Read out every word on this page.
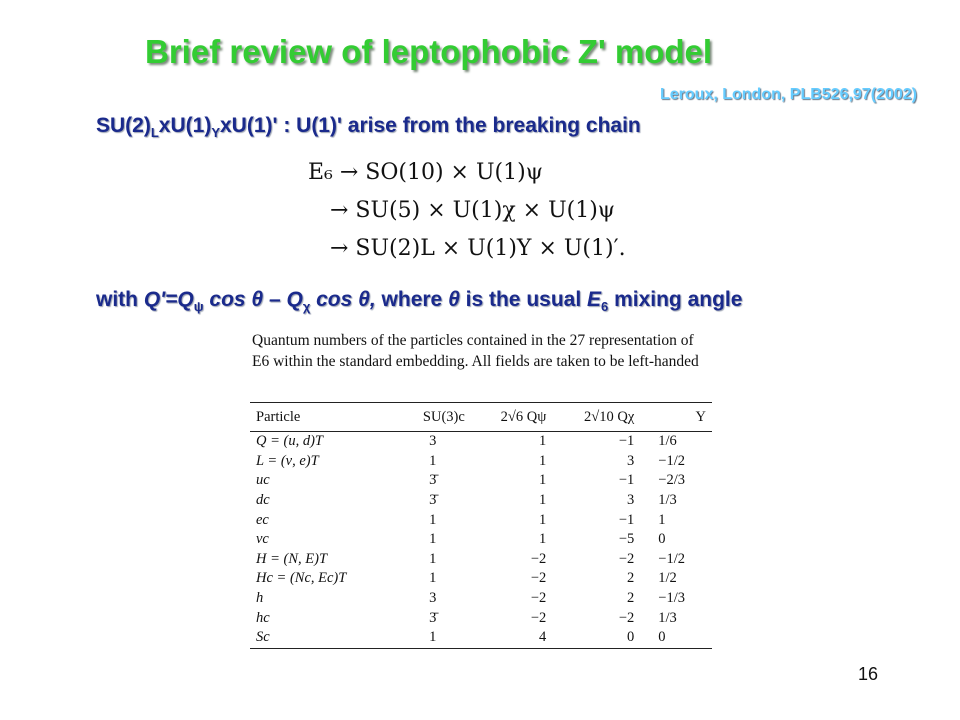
Brief review of leptophobic Z' model
Leroux, London, PLB526,97(2002)
$SU(2)_LxU(1)_YxU(1)'$ : U(1)' arise from the breaking chain
E₆ → SO(10) × U(1)ψ
→ SU(5) × U(1)χ × U(1)ψ
→ SU(2)L × U(1)Y × U(1)′.
with $Q'=Q_\psi$ cos θ – $Q_\chi$ cos θ, where θ is the usual $E_6$ mixing angle
Quantum numbers of the particles contained in the 27 representation of E6 within the standard embedding. All fields are taken to be left-handed
Particle	SU(3)c	2√6 Qψ	2√10 Qχ	Y
Q = (u, d)T	3	1	−1	1/6
L = (ν, e)T	1	1	3	−1/2
uc	3̄	1	−1	−2/3
dc	3̄	1	3	1/3
ec	1	1	−1	1
νc	1	1	−5	0
H = (N, E)T	1	−2	−2	−1/2
Hc = (Nc, Ec)T	1	−2	2	1/2
h	3	−2	2	−1/3
hc	3̄	−2	−2	1/3
Sc	1	4	0	0
16
